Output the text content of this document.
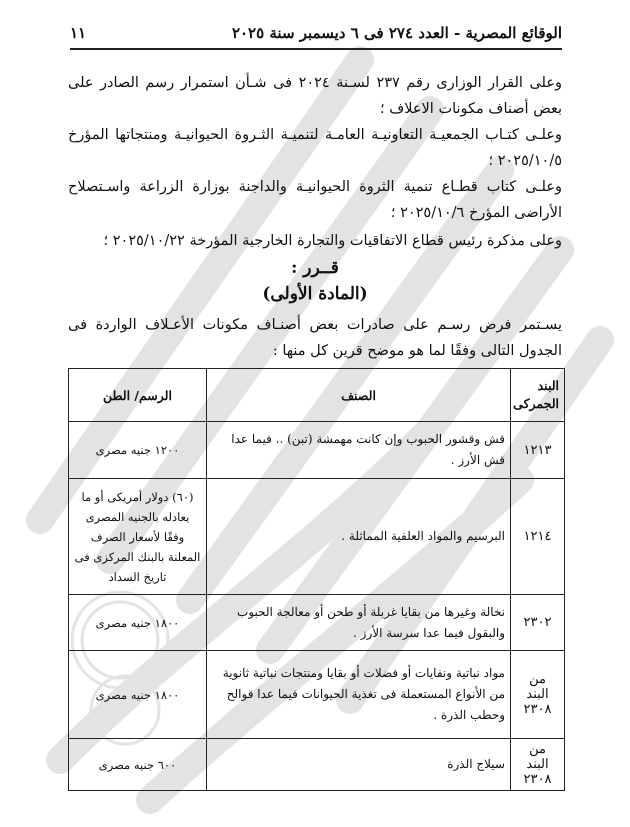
١١	الوقائع المصرية - العدد ٢٧٤ فى ٦ ديسمبر سنة ٢٠٢٥

وعلى القرار الوزارى رقم ٢٣٧ لسـنة ٢٠٢٤ فى شـأن استمرار رسم الصادر على بعض أصناف مكونات الاعلاف ؛

وعلـى كتـاب الجمعيـة التعاونيـة العامـة لتنميـة الثـروة الحيوانيـة ومنتجاتها المؤرخ ٢٠٢٥/١٠/٥ ؛

وعلـى كتاب قطـاع تنمية الثروة الحيوانيـة والداجنة بوزارة الزراعة واسـتصلاح الأراضى المؤرخ ٢٠٢٥/١٠/٦ ؛

وعلى مذكرة رئيس قطاع الاتفاقيات والتجارة الخارجية المؤرخة ٢٠٢٥/١٠/٢٢ ؛

قــرر :

(المادة الأولى)

يسـتمر فرض رسـم على صادرات بعض أصنـاف مكونات الأعـلاف الواردة فى الجدول التالى وفقًا لما هو موضح قرين كل منها :

البند الجمركى	الصنف	الرسم/ الطن
١٢١٣	قش وقشور الحبوب وإن كانت مهمشة (تبن) .. فيما عدا قش الأرز .	١٢٠٠ جنيه مصرى
١٢١٤	البرسيم والمواد العلفية المماثلة .	(٦٠) دولار أمريكى أو ما يعادله بالجنيه المصرى وفقًا لأسعار الصرف المعلنة بالبنك المركزى فى تاريخ السداد
٢٣٠٢	نخالة وغيرها من بقايا غربلة أو طحن أو معالجة الحبوب والبقول فيما عدا سرسة الأرز .	١٨٠٠ جنيه مصرى
من البند ٢٣٠٨	مواد نباتية ونفايات أو فضلات أو بقايا ومنتجات نباتية ثانوية من الأنواع المستعملة فى تغذية الحيوانات فيما عدا قوالح وحطب الذرة .	١٨٠٠ جنيه مصرى
من البند ٢٣٠٨	سيلاج الذرة	٦٠٠ جنيه مصرى
